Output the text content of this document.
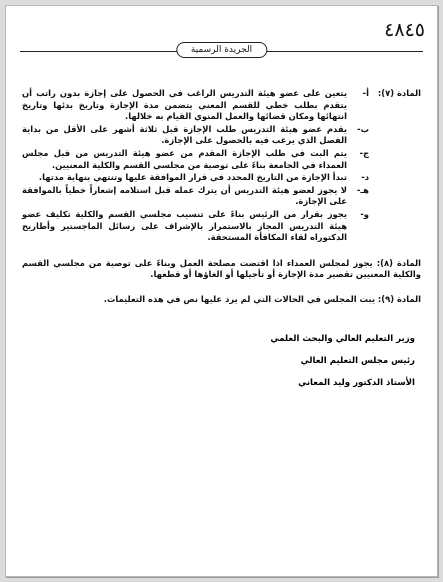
٤٨٤٥
الجريدة الرسمية
المادة (٧):
أ-
يتعين على عضو هيئة التدريس الراغب في الحصول على إجازة بدون راتب أن يتقدم بطلب خطي للقسم المعني يتضمن مدة الإجازة وتاريخ بدئها وتاريخ انتهائها ومكان قضائها والعمل المنوي القيام به خلالها.
ب-
يقدم عضو هيئة التدريس طلب الإجازة قبل ثلاثة أشهر على الأقل من بداية الفصل الذي يرغب فيه بالحصول على الإجازة.
ج-
يتم البت في طلب الإجازة المقدم من عضو هيئة التدريس من قبل مجلس العمداء في الجامعة بناءً على توصية من مجلسي القسم والكلية المعنيين.
د-
تبدأ الإجازة من التاريخ المحدد في قرار الموافقة عليها وتنتهي بنهاية مدتها.
هـ-
لا يجوز لعضو هيئة التدريس أن يترك عمله قبل استلامه إشعاراً خطياً بالموافقة على الإجازة.
و-
يجوز بقرار من الرئيس بناءً على تنسيب مجلسي القسم والكلية تكليف عضو هيئة التدريس المجاز بالاستمرار بالإشراف على رسائل الماجستير وأطاريح الدكتوراه لقاء المكافأة المستحقة.
المادة (٨): يجوز لمجلس العمداء اذا اقتضت مصلحة العمل وبناءً على توصية من مجلسي القسم والكلية المعنيين تقصير مدة الإجازة أو تأجيلها أو الغاؤها أو قطعها.
المادة (٩): يبت المجلس في الحالات التي لم يرد عليها نص في هذه التعليمات.
وزير التعليم العالي والبحث العلمي
رئيس مجلس التعليم العالي
الأستاذ الدكتور وليد المعاني
